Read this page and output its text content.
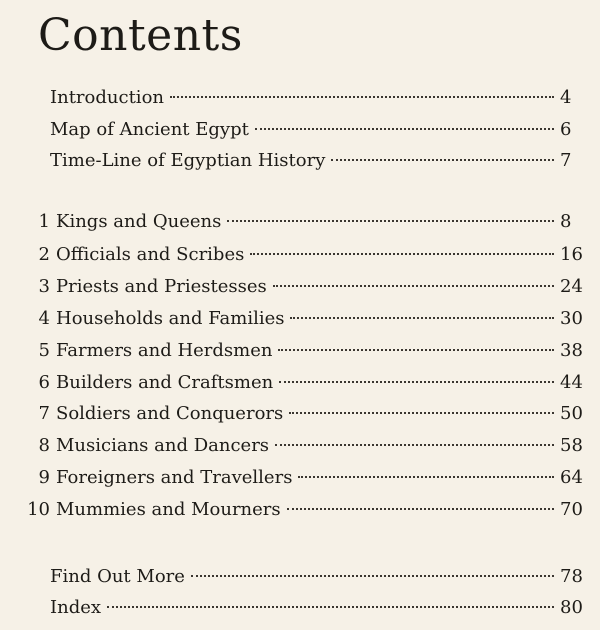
Contents
Introduction	4
Map of Ancient Egypt	6
Time-Line of Egyptian History	7
1 Kings and Queens	8
2 Officials and Scribes	16
3 Priests and Priestesses	24
4 Households and Families	30
5 Farmers and Herdsmen	38
6 Builders and Craftsmen	44
7 Soldiers and Conquerors	50
8 Musicians and Dancers	58
9 Foreigners and Travellers	64
10 Mummies and Mourners	70
Find Out More	78
Index	80
